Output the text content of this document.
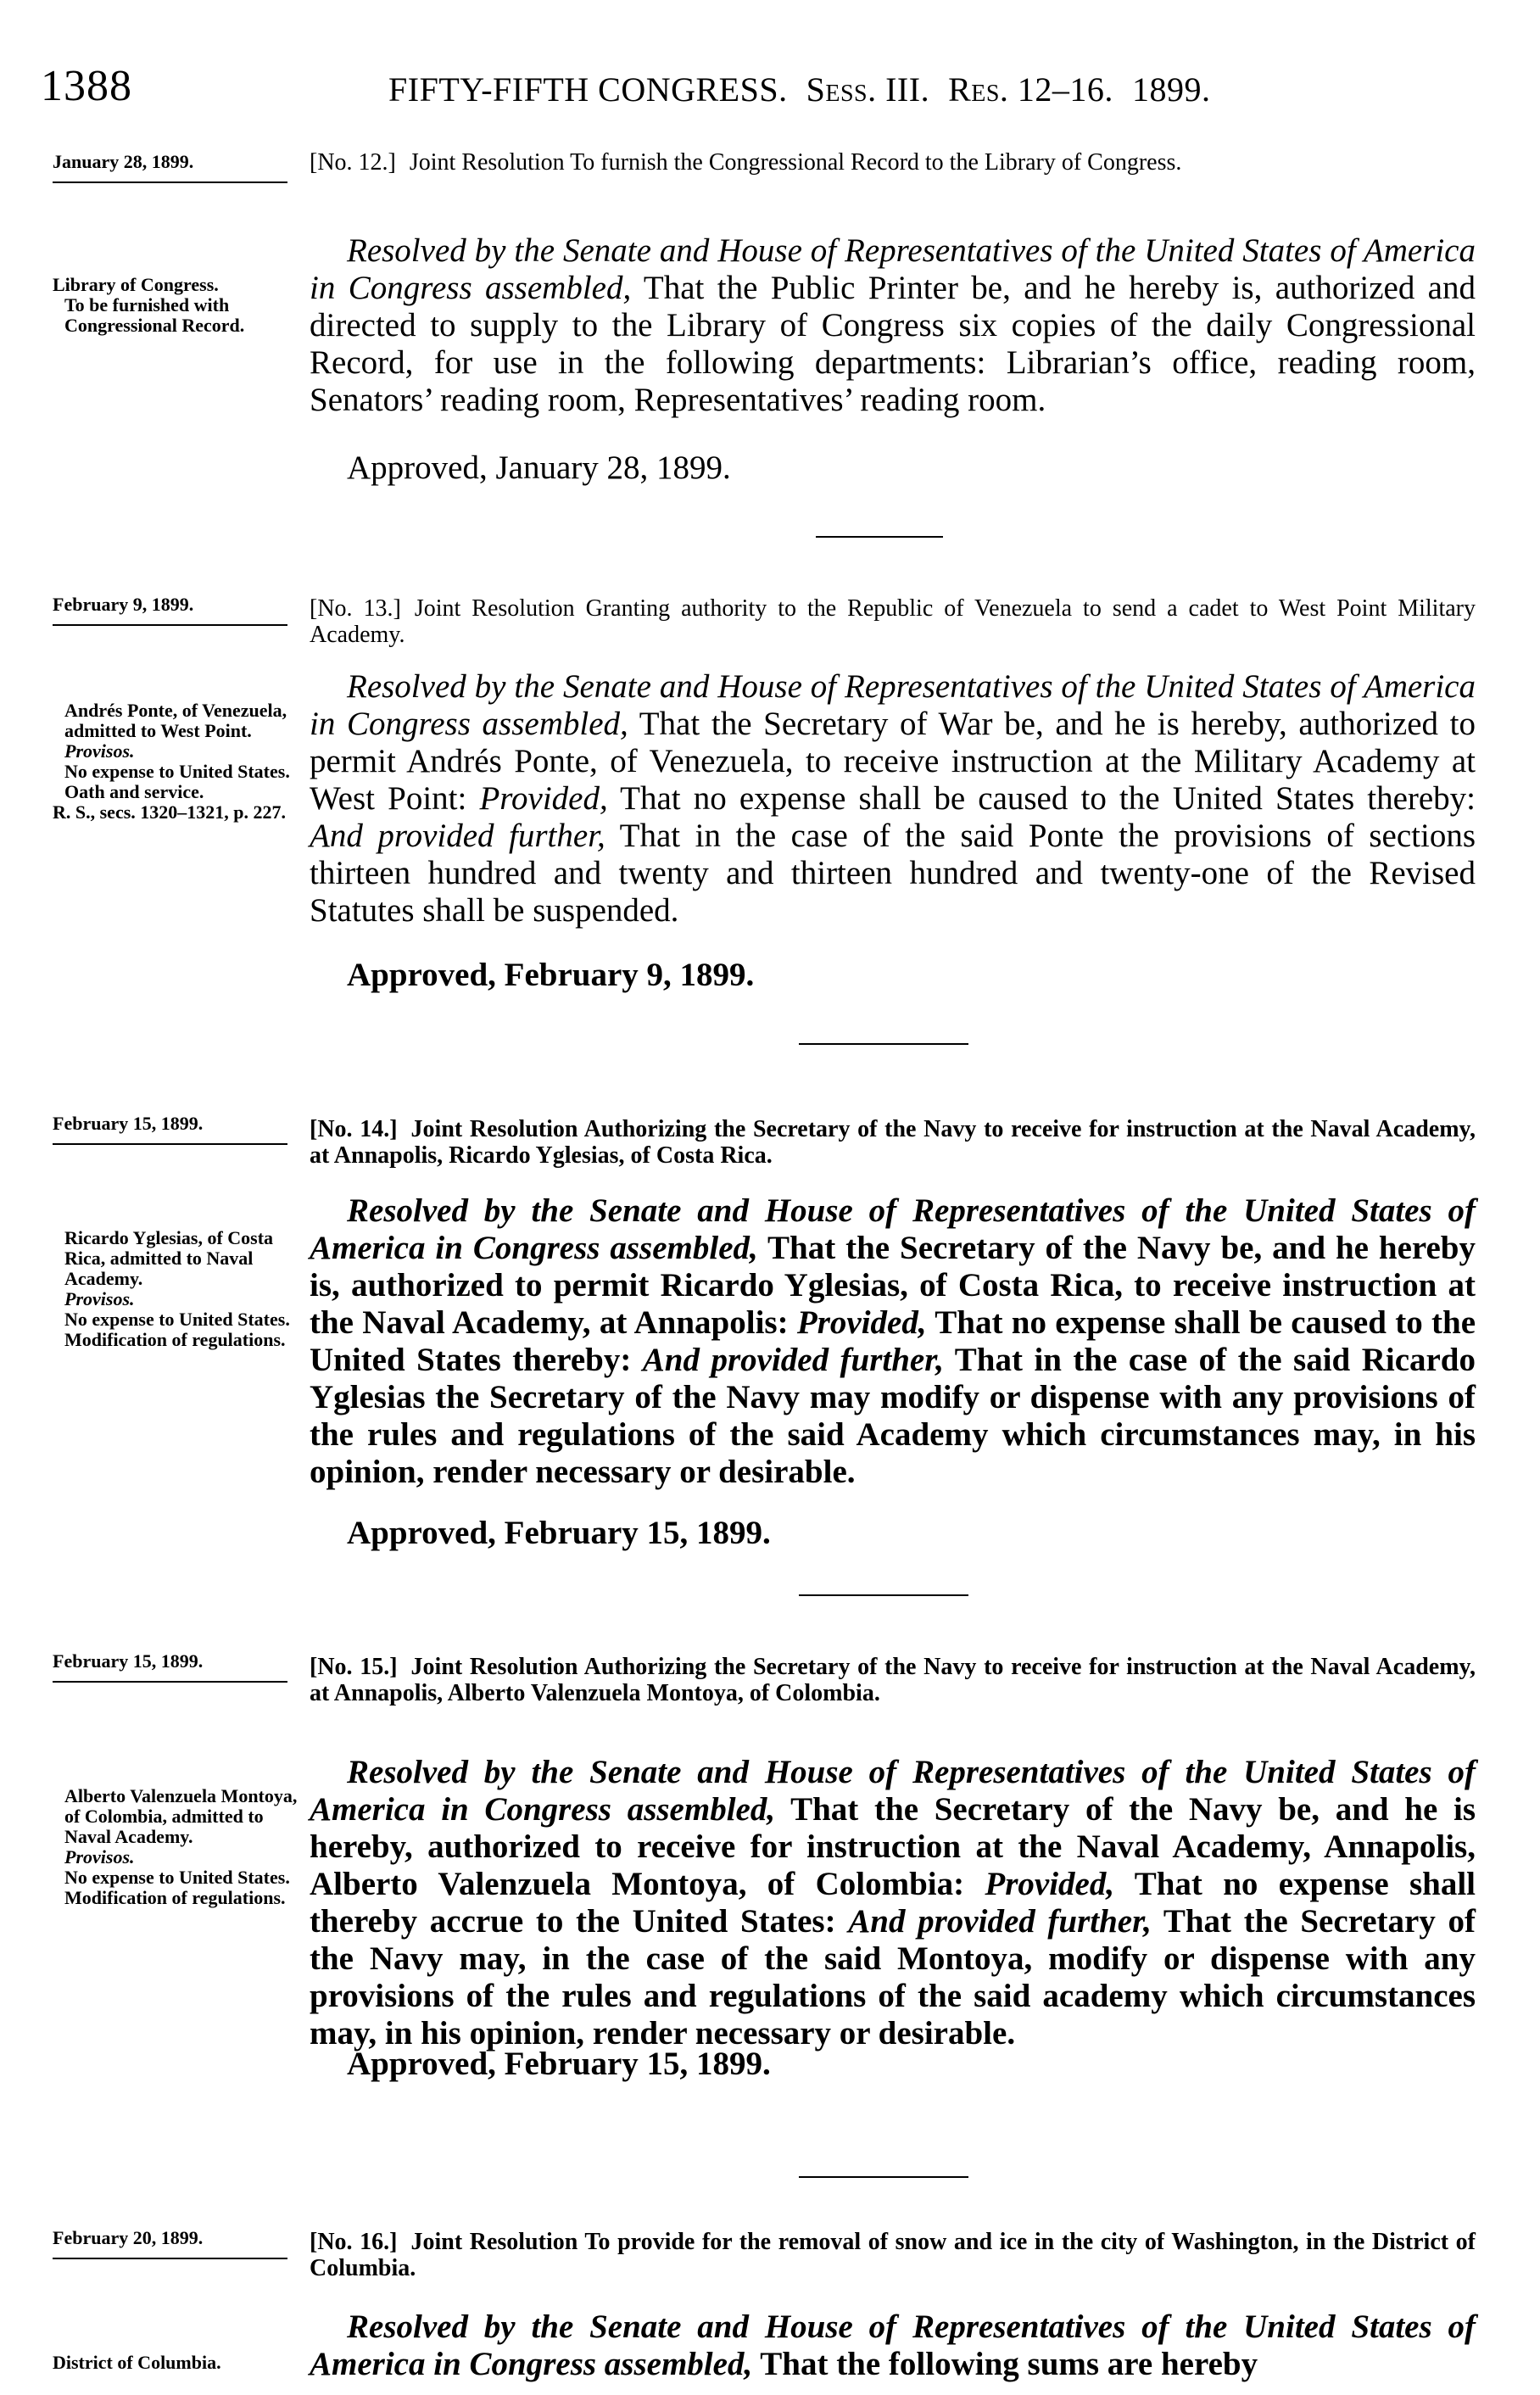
1388	FIFTY-FIFTH CONGRESS. Sess. III. Res. 12–16. 1899.
January 28, 1899.	[No. 12.] Joint Resolution To furnish the Congressional Record to the Library of Congress.

Library of Congress.

To be furnished with Congressional Record.

Resolved by the Senate and House of Representatives of the United States of America in Congress assembled, That the Public Printer be, and he hereby is, authorized and directed to supply to the Library of Congress six copies of the daily Congressional Record, for use in the following departments: Librarian’s office, reading room, Senators’ reading room, Representatives’ reading room.

Approved, January 28, 1899.
February 9, 1899.	[No. 13.] Joint Resolution Granting authority to the Republic of Venezuela to send a cadet to West Point Military Academy.

Andrés Ponte, of Venezuela, admitted to West Point.

Provisos.

No expense to United States.

Oath and service.

R. S., secs. 1320–1321, p. 227.

Resolved by the Senate and House of Representatives of the United States of America in Congress assembled, That the Secretary of War be, and he is hereby, authorized to permit Andrés Ponte, of Venezuela, to receive instruction at the Military Academy at West Point: Provided, That no expense shall be caused to the United States thereby: And provided further, That in the case of the said Ponte the provisions of sections thirteen hundred and twenty and thirteen hundred and twenty-one of the Revised Statutes shall be suspended.

Approved, February 9, 1899.
February 15, 1899.	[No. 14.] Joint Resolution Authorizing the Secretary of the Navy to receive for instruction at the Naval Academy, at Annapolis, Ricardo Yglesias, of Costa Rica.

Ricardo Yglesias, of Costa Rica, admitted to Naval Academy.

Provisos.

No expense to United States.

Modification of regulations.

Resolved by the Senate and House of Representatives of the United States of America in Congress assembled, That the Secretary of the Navy be, and he hereby is, authorized to permit Ricardo Yglesias, of Costa Rica, to receive instruction at the Naval Academy, at Annapolis: Provided, That no expense shall be caused to the United States thereby: And provided further, That in the case of the said Ricardo Yglesias the Secretary of the Navy may modify or dispense with any provisions of the rules and regulations of the said Academy which circumstances may, in his opinion, render necessary or desirable.

Approved, February 15, 1899.
February 15, 1899.	[No. 15.] Joint Resolution Authorizing the Secretary of the Navy to receive for instruction at the Naval Academy, at Annapolis, Alberto Valenzuela Montoya, of Colombia.

Alberto Valenzuela Montoya, of Colombia, admitted to Naval Academy.

Provisos.

No expense to United States.

Modification of regulations.

Resolved by the Senate and House of Representatives of the United States of America in Congress assembled, That the Secretary of the Navy be, and he is hereby, authorized to receive for instruction at the Naval Academy, Annapolis, Alberto Valenzuela Montoya, of Colombia: Provided, That no expense shall thereby accrue to the United States: And provided further, That the Secretary of the Navy may, in the case of the said Montoya, modify or dispense with any provisions of the rules and regulations of the said academy which circumstances may, in his opinion, render necessary or desirable.

Approved, February 15, 1899.
February 20, 1899.	[No. 16.] Joint Resolution To provide for the removal of snow and ice in the city of Washington, in the District of Columbia.

District of Columbia.

Resolved by the Senate and House of Representatives of the United States of America in Congress assembled, That the following sums are hereby
